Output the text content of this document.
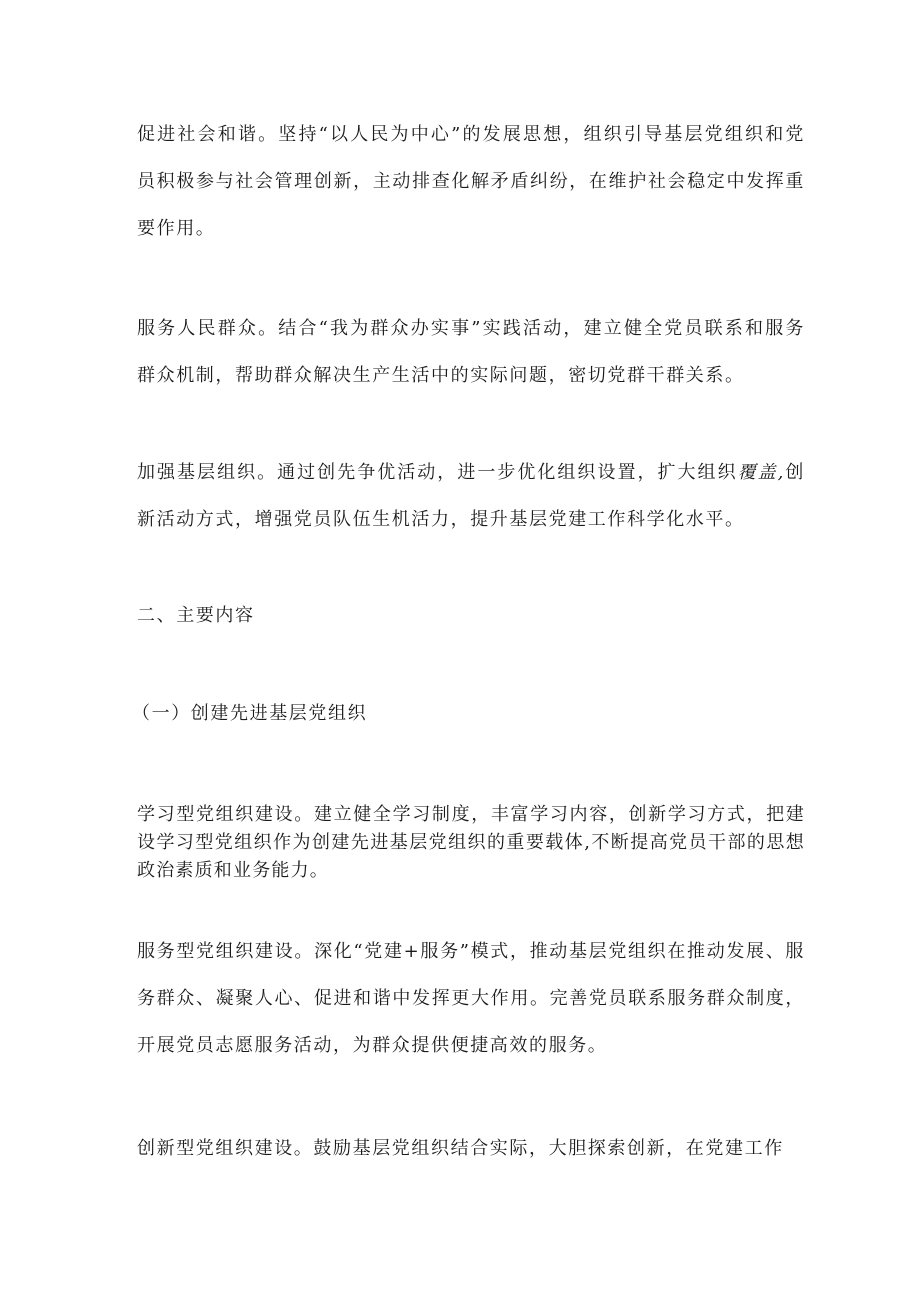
促进社会和谐。坚持“以人民为中心”的发展思想，组织引导基层党组织和党员积极参与社会管理创新，主动排查化解矛盾纠纷，在维护社会稳定中发挥重要作用。

服务人民群众。结合“我为群众办实事”实践活动，建立健全党员联系和服务群众机制，帮助群众解决生产生活中的实际问题，密切党群干群关系。

加强基层组织。通过创先争优活动，进一步优化组织设置，扩大组织覆盖,创新活动方式，增强党员队伍生机活力，提升基层党建工作科学化水平。

二、主要内容
（一）创建先进基层党组织

学习型党组织建设。建立健全学习制度，丰富学习内容，创新学习方式，把建设学习型党组织作为创建先进基层党组织的重要载体,不断提高党员干部的思想政治素质和业务能力。

服务型党组织建设。深化“党建+服务”模式，推动基层党组织在推动发展、服务群众、凝聚人心、促进和谐中发挥更大作用。完善党员联系服务群众制度，开展党员志愿服务活动，为群众提供便捷高效的服务。

创新型党组织建设。鼓励基层党组织结合实际，大胆探索创新，在党建工作
